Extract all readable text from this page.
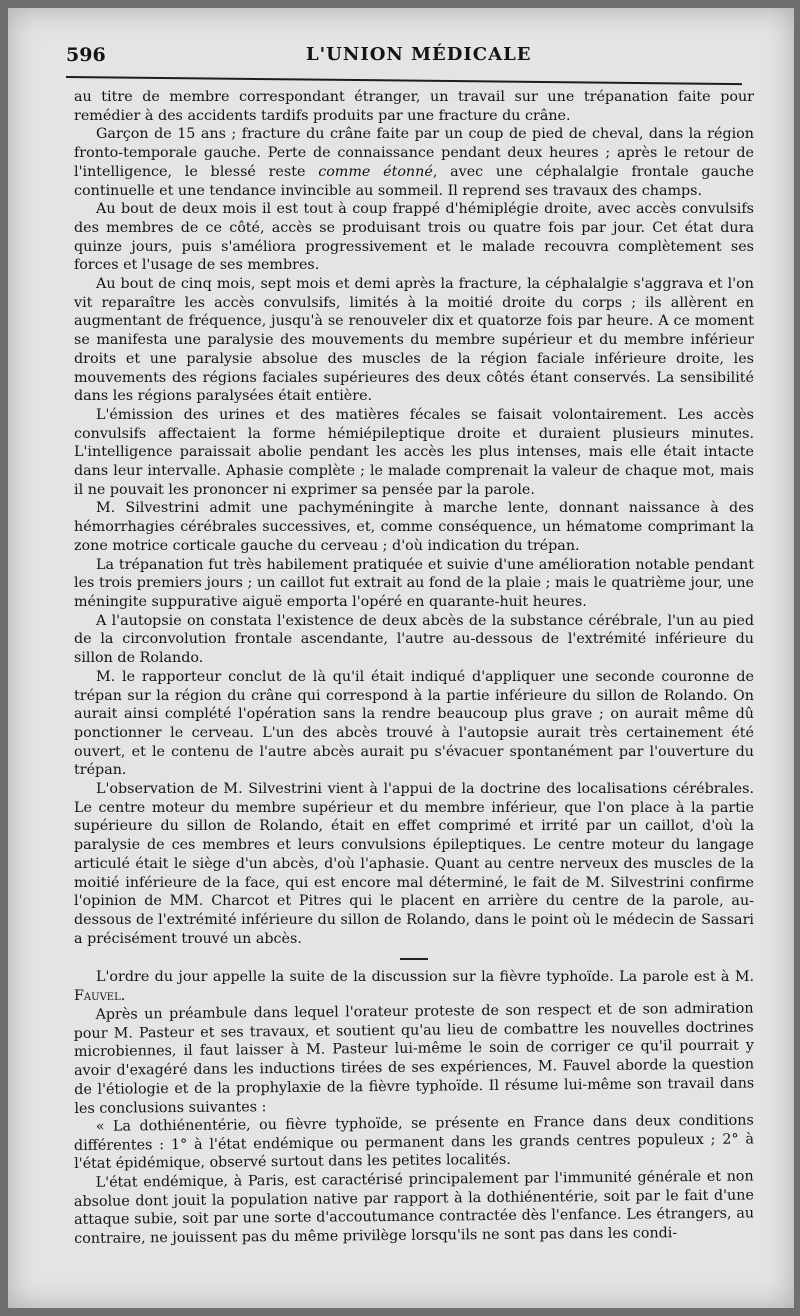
596	L'UNION MÉDICALE

au titre de membre correspondant étranger, un travail sur une trépanation faite pour remédier à des accidents tardifs produits par une fracture du crâne.

Garçon de 15 ans ; fracture du crâne faite par un coup de pied de cheval, dans la région fronto-temporale gauche. Perte de connaissance pendant deux heures ; après le retour de l'intelligence, le blessé reste comme étonné, avec une céphalalgie frontale gauche continuelle et une tendance invincible au sommeil. Il reprend ses travaux des champs.

Au bout de deux mois il est tout à coup frappé d'hémiplégie droite, avec accès convulsifs des membres de ce côté, accès se produisant trois ou quatre fois par jour. Cet état dura quinze jours, puis s'améliora progressivement et le malade recouvra complètement ses forces et l'usage de ses membres.

Au bout de cinq mois, sept mois et demi après la fracture, la céphalalgie s'aggrava et l'on vit reparaître les accès convulsifs, limités à la moitié droite du corps ; ils allèrent en augmentant de fréquence, jusqu'à se renouveler dix et quatorze fois par heure. A ce moment se manifesta une paralysie des mouvements du membre supérieur et du membre inférieur droits et une paralysie absolue des muscles de la région faciale inférieure droite, les mouvements des régions faciales supérieures des deux côtés étant conservés. La sensibilité dans les régions paralysées était entière.

L'émission des urines et des matières fécales se faisait volontairement. Les accès convulsifs affectaient la forme hémiépileptique droite et duraient plusieurs minutes. L'intelligence paraissait abolie pendant les accès les plus intenses, mais elle était intacte dans leur intervalle. Aphasie complète ; le malade comprenait la valeur de chaque mot, mais il ne pouvait les prononcer ni exprimer sa pensée par la parole.

M. Silvestrini admit une pachyméningite à marche lente, donnant naissance à des hémorrhagies cérébrales successives, et, comme conséquence, un hématome comprimant la zone motrice corticale gauche du cerveau ; d'où indication du trépan.

La trépanation fut très habilement pratiquée et suivie d'une amélioration notable pendant les trois premiers jours ; un caillot fut extrait au fond de la plaie ; mais le quatrième jour, une méningite suppurative aiguë emporta l'opéré en quarante-huit heures.

A l'autopsie on constata l'existence de deux abcès de la substance cérébrale, l'un au pied de la circonvolution frontale ascendante, l'autre au-dessous de l'extrémité inférieure du sillon de Rolando.

M. le rapporteur conclut de là qu'il était indiqué d'appliquer une seconde couronne de trépan sur la région du crâne qui correspond à la partie inférieure du sillon de Rolando. On aurait ainsi complété l'opération sans la rendre beaucoup plus grave ; on aurait même dû ponctionner le cerveau. L'un des abcès trouvé à l'autopsie aurait très certainement été ouvert, et le contenu de l'autre abcès aurait pu s'évacuer spontanément par l'ouverture du trépan.

L'observation de M. Silvestrini vient à l'appui de la doctrine des localisations cérébrales. Le centre moteur du membre supérieur et du membre inférieur, que l'on place à la partie supérieure du sillon de Rolando, était en effet comprimé et irrité par un caillot, d'où la paralysie de ces membres et leurs convulsions épileptiques. Le centre moteur du langage articulé était le siège d'un abcès, d'où l'aphasie. Quant au centre nerveux des muscles de la moitié inférieure de la face, qui est encore mal déterminé, le fait de M. Silvestrini confirme l'opinion de MM. Charcot et Pitres qui le placent en arrière du centre de la parole, au-dessous de l'extrémité inférieure du sillon de Rolando, dans le point où le médecin de Sassari a précisément trouvé un abcès.

L'ordre du jour appelle la suite de la discussion sur la fièvre typhoïde. La parole est à M. Fauvel.

Après un préambule dans lequel l'orateur proteste de son respect et de son admiration pour M. Pasteur et ses travaux, et soutient qu'au lieu de combattre les nouvelles doctrines microbiennes, il faut laisser à M. Pasteur lui-même le soin de corriger ce qu'il pourrait y avoir d'exagéré dans les inductions tirées de ses expériences, M. Fauvel aborde la question de l'étiologie et de la prophylaxie de la fièvre typhoïde. Il résume lui-même son travail dans les conclusions suivantes :

« La dothiénentérie, ou fièvre typhoïde, se présente en France dans deux conditions différentes : 1° à l'état endémique ou permanent dans les grands centres populeux ; 2° à l'état épidémique, observé surtout dans les petites localités.

L'état endémique, à Paris, est caractérisé principalement par l'immunité générale et non absolue dont jouit la population native par rapport à la dothiénentérie, soit par le fait d'une attaque subie, soit par une sorte d'accoutumance contractée dès l'enfance. Les étrangers, au contraire, ne jouissent pas du même privilège lorsqu'ils ne sont pas dans les condi-
